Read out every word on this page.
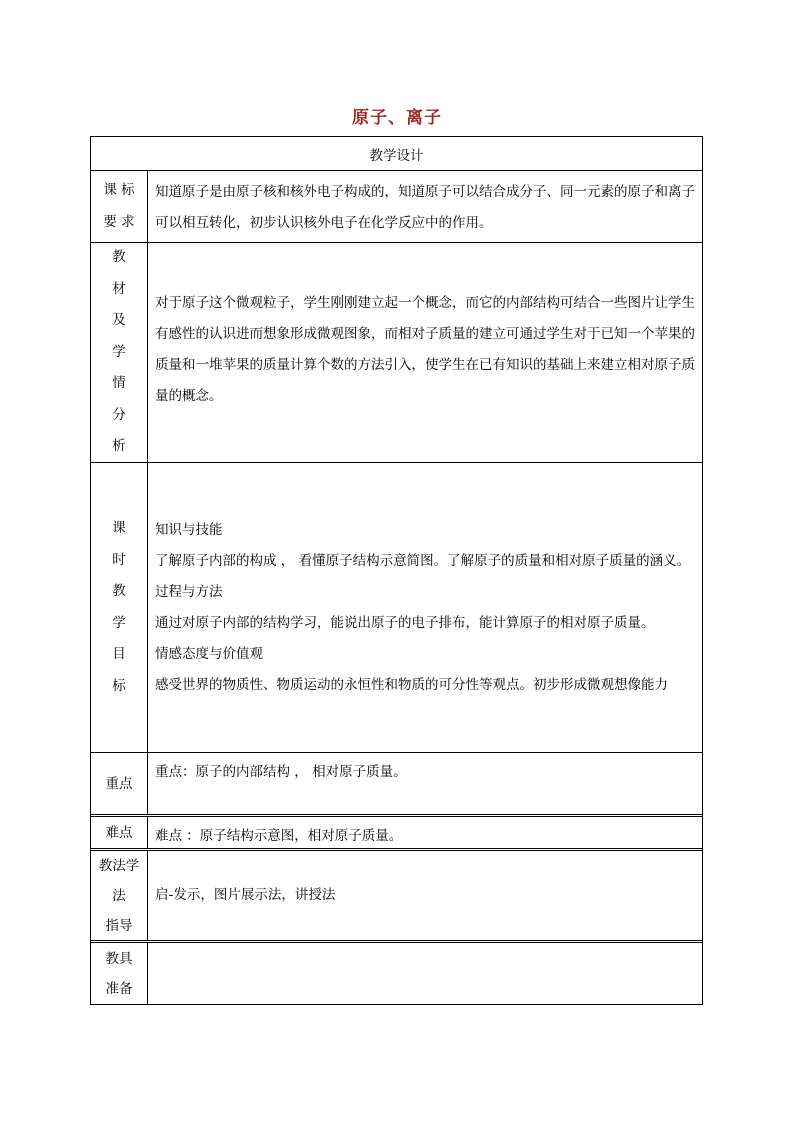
原子、离子
教学设计
课 标
要 求
知道原子是由原子核和核外电子构成的，知道原子可以结合成分子、同一元素的原子和离子可以相互转化，初步认识核外电子在化学反应中的作用。
教
材
及
学
情
分
析
对于原子这个微观粒子，学生刚刚建立起一个概念，而它的内部结构可结合一些图片让学生有感性的认识进而想象形成微观图象，而相对子质量的建立可通过学生对于已知一个苹果的质量和一堆苹果的质量计算个数的方法引入，使学生在已有知识的基础上来建立相对原子质量的概念。
课
时
教
学
目
标
知识与技能
了解原子内部的构成 ， 看懂原子结构示意简图。了解原子的质量和相对原子质量的涵义。
过程与方法
通过对原子内部的结构学习，能说出原子的电子排布，能计算原子的相对原子质量。
情感态度与价值观
感受世界的物质性、物质运动的永恒性和物质的可分性等观点。初步形成微观想像能力
重点
重点：原子的内部结构 ， 相对原子质量。
难点	难点 ：原子结构示意图，相对原子质量。
教法学
法
指导
启-发示，图片展示法，讲授法
教具
准备
